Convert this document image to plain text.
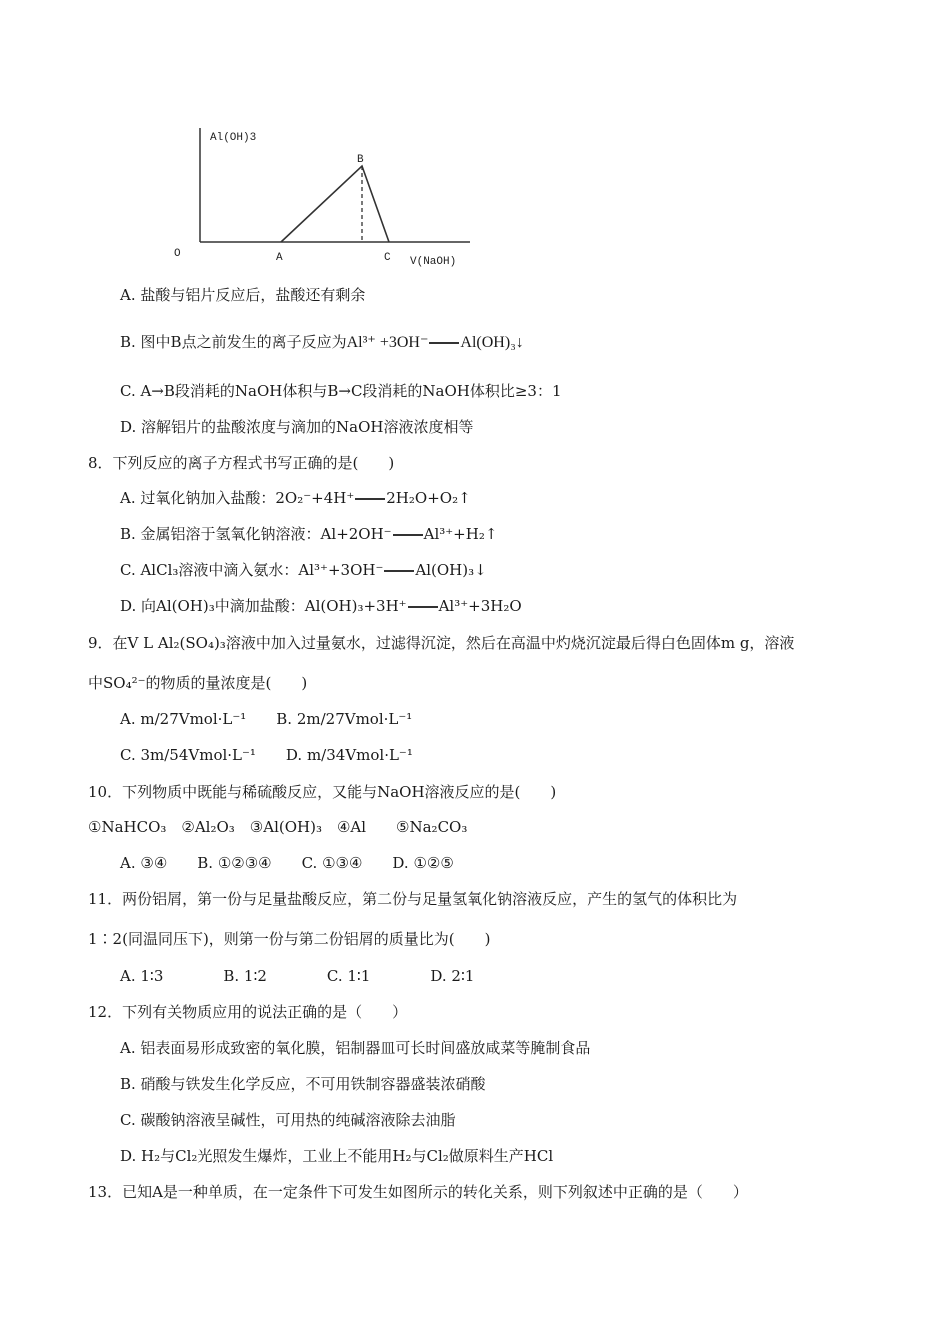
Al(OH)3
V(NaOH)
O	A
B
C
A. 盐酸与铝片反应后，盐酸还有剩余
B. 图中B点之前发生的离子反应为Al³⁺ +3OH⁻ Al(OH)₃↓
C. A→B段消耗的NaOH体积与B→C段消耗的NaOH体积比≥3：1
D. 溶解铝片的盐酸浓度与滴加的NaOH溶液浓度相等
8．下列反应的离子方程式书写正确的是(　　)
A. 过氧化钠加入盐酸：2O₂⁻+4H⁺ 2H₂O+O₂↑
B. 金属铝溶于氢氧化钠溶液：Al+2OH⁻ Al³⁺+H₂↑
C. AlCl₃溶液中滴入氨水：Al³⁺+3OH⁻ Al(OH)₃↓
D. 向Al(OH)₃中滴加盐酸：Al(OH)₃+3H⁺ Al³⁺+3H₂O
9．在V L Al₂(SO₄)₃溶液中加入过量氨水，过滤得沉淀，然后在高温中灼烧沉淀最后得白色固体m g，溶液
中SO₄²⁻的物质的量浓度是(　　)
A. m/27Vmol·L⁻¹　　B. 2m/27Vmol·L⁻¹
C. 3m/54Vmol·L⁻¹　　D. m/34Vmol·L⁻¹
10．下列物质中既能与稀硫酸反应，又能与NaOH溶液反应的是(　　)
①NaHCO₃　②Al₂O₃　③Al(OH)₃　④Al　　⑤Na₂CO₃
A. ③④　　B. ①②③④　　C. ①③④　　D. ①②⑤
11．两份铝屑，第一份与足量盐酸反应，第二份与足量氢氧化钠溶液反应，产生的氢气的体积比为
1∶2(同温同压下)，则第一份与第二份铝屑的质量比为(　　)
A. 1∶3　　　　B. 1∶2　　　　C. 1∶1　　　　D. 2∶1
12．下列有关物质应用的说法正确的是（　　）
A. 铝表面易形成致密的氧化膜，铝制器皿可长时间盛放咸菜等腌制食品
B. 硝酸与铁发生化学反应，不可用铁制容器盛装浓硝酸
C. 碳酸钠溶液呈碱性，可用热的纯碱溶液除去油脂
D. H₂与Cl₂光照发生爆炸，工业上不能用H₂与Cl₂做原料生产HCl
13．已知A是一种单质，在一定条件下可发生如图所示的转化关系，则下列叙述中正确的是（　　）
